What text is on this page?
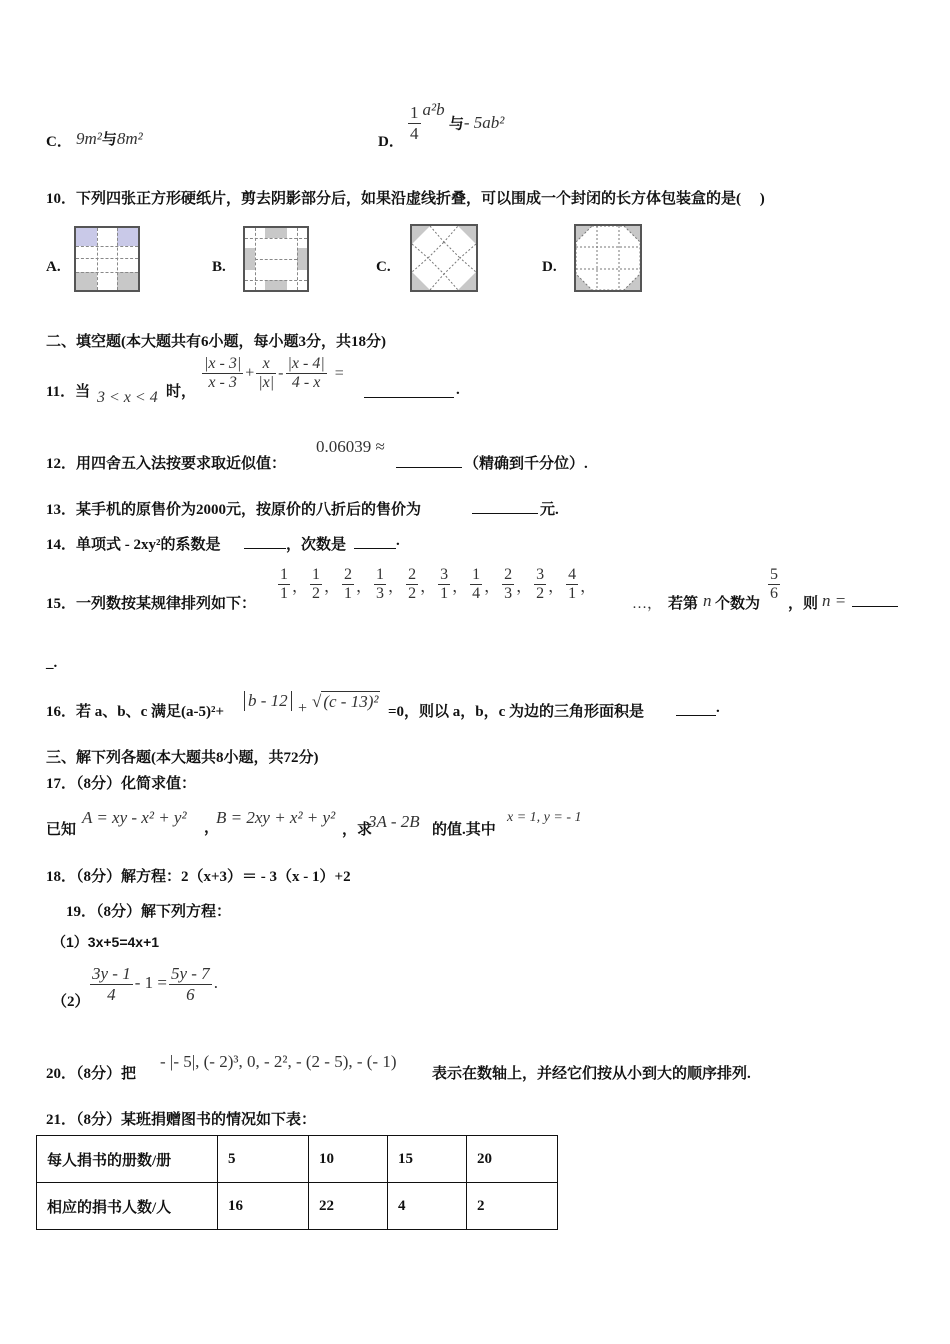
C． 9m²与8m²	D． $\frac{1}{4} a^2b$ 与- 5ab²
10．下列四张正方形硬纸片，剪去阴影部分后，如果沿虚线折叠，可以围成一个封闭的长方体包装盒的是(　 )
A.	B.	C.	D.
二、填空题(本大题共有6小题，每小题3分，共18分)
11．当 3 < x < 4 时， $\frac{|x - 3|}{x - 3} + \frac{x}{|x|} - \frac{|x - 4|}{4 - x}$ =
.
12．用四舍五入法按要求取近似值：
0.06039 ≈
（精确到千分位）.
13．某手机的原售价为2000元，按原价的八折后的售价为	元.
14．单项式 - 2xy²的系数是	，次数是	.
15．一列数按某规律排列如下：
$\frac{1}{1}$ ， $\frac{1}{2}$ ， $\frac{2}{1}$ ， $\frac{1}{3}$ ， $\frac{2}{2}$ ， $\frac{3}{1}$ ， $\frac{1}{4}$ ， $\frac{2}{3}$ ， $\frac{3}{2}$ ， $\frac{4}{1}$ ，
…， 若第 n 个数为
$\frac{5}{6}$
，则 n =
_.
16．若 a、b、c 满足(a-5)²+
b - 12 + √ (c - 13)²
=0，则以 a，b，c 为边的三角形面积是	.
三、解下列各题(本大题共8小题，共72分)
17．（8分）化简求值：
已知
A = xy - x² + y²
，
B = 2xy + x² + y²
，求
3A - 2B 的值.其中
x = 1, y = - 1
18．（8分）解方程：2（x+3）＝ - 3（x - 1）+2
19．（8分）解下列方程：
（1）3x+5=4x+1
$(2) \frac{3y - 1}{4} - 1 = \frac{5y - 7}{6}$ .
20．（8分）把
- |- 5|, (- 2)³, 0, - 2², - (2 - 5), - (- 1)
表示在数轴上，并经它们按从小到大的顺序排列.
21．（8分）某班捐赠图书的情况如下表：
每人捐书的册数/册	5	10	15	20
相应的捐书人数/人	16	22	4	2
